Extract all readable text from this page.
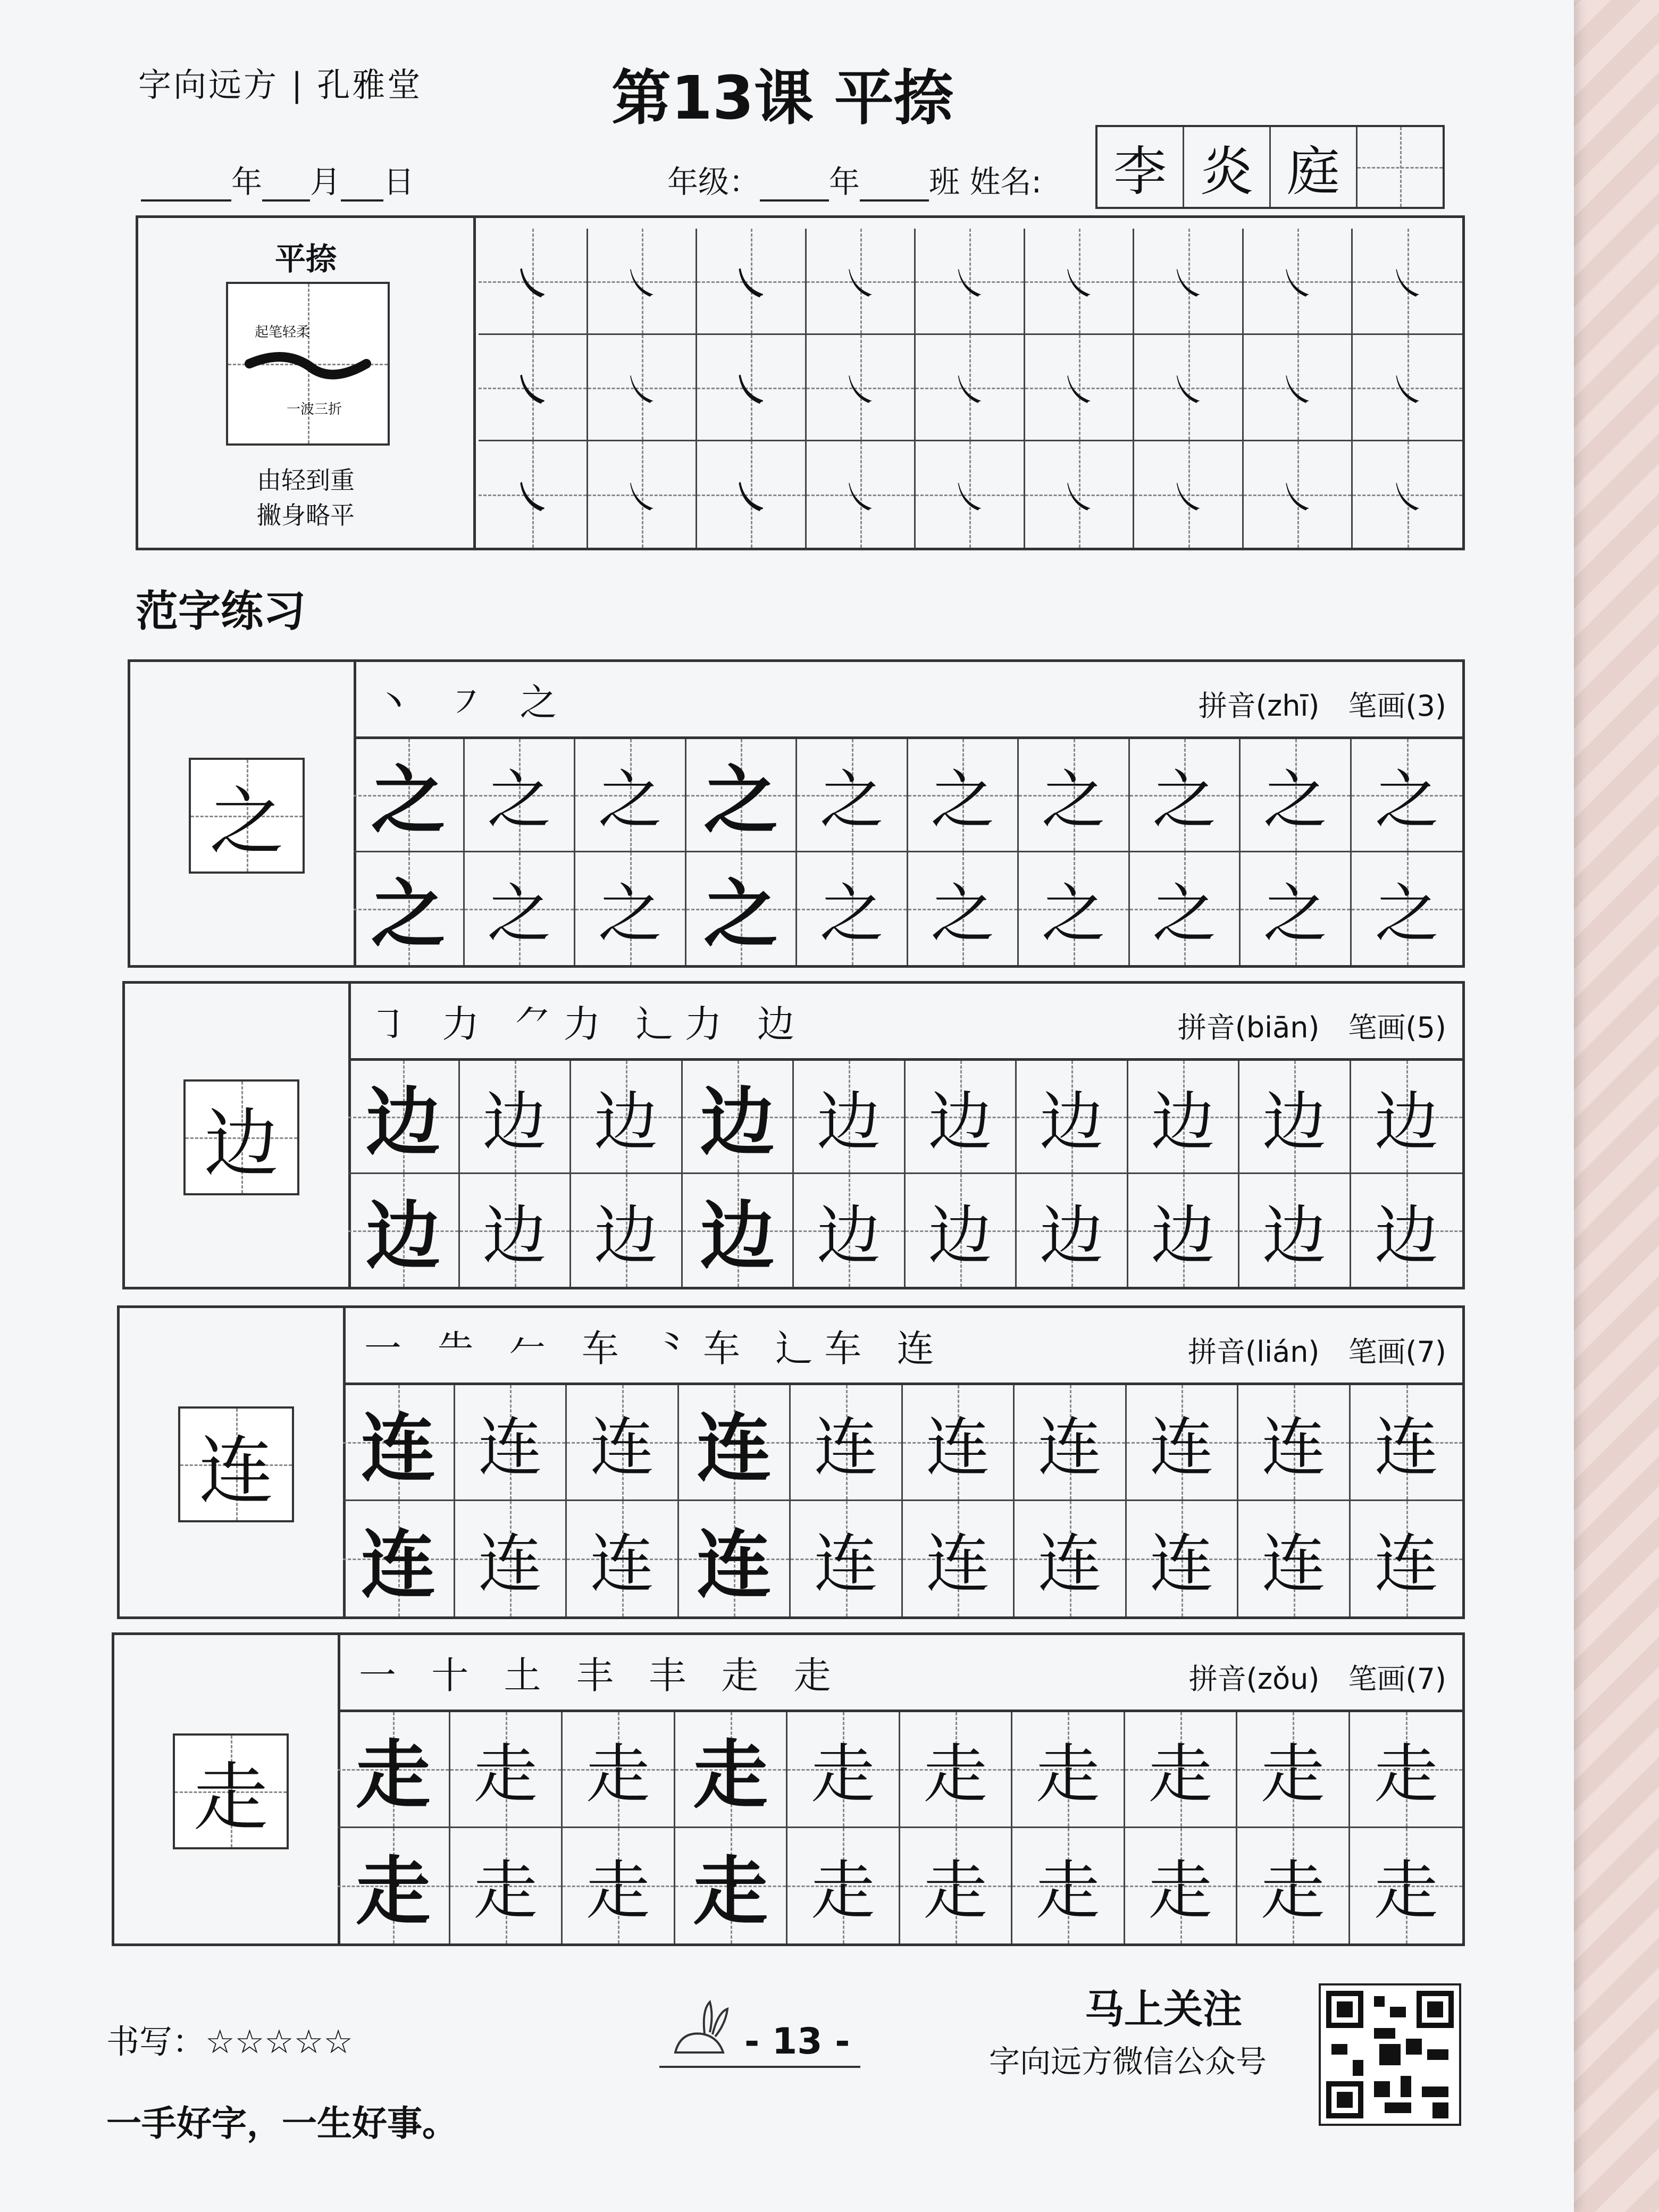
字向远方 | 孔雅堂	第13课 平捺
年 月 日	年级： 年 班 姓名: 李 炎 庭
平捺
起笔轻柔
一波三折
由轻到重
撇身略平
㇏ ㇏ ㇏ ㇏ ㇏ ㇏ ㇏ ㇏ ㇏
㇏ ㇏ ㇏ ㇏ ㇏ ㇏ ㇏ ㇏ ㇏
㇏ ㇏ ㇏ ㇏ ㇏ ㇏ ㇏ ㇏ ㇏
范字练习
之
丶 ㇇ 之	拼音(zhī)  笔画(3)
之 之 之 之 之 之 之 之 之 之
之 之 之 之 之 之 之 之 之 之
边
㇆ 力 ⺈力 ⻌力 边	拼音(biān)  笔画(5)
边 边 边 边 边 边 边 边 边 边
边 边 边 边 边 边 边 边 边 边
连
一 ⺧ 𠂉 车 ⺀车 ⻌车 连	拼音(lián)  笔画(7)
连 连 连 连 连 连 连 连 连 连
连 连 连 连 连 连 连 连 连 连
走
一 十 土 丰 丰 走 走	拼音(zǒu)  笔画(7)
走 走 走 走 走 走 走 走 走 走
走 走 走 走 走 走 走 走 走 走
书写：☆☆☆☆☆	- 13 -
马上关注
字向远方微信公众号
一手好字，一生好事。
